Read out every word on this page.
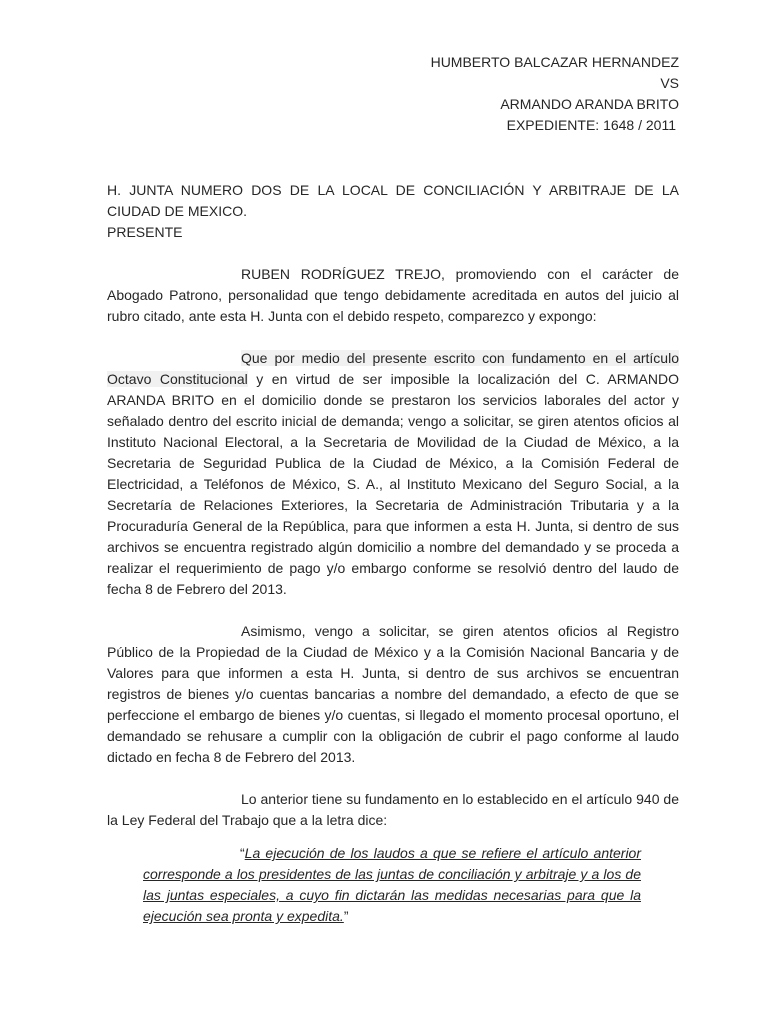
HUMBERTO BALCAZAR HERNANDEZ
VS
ARMANDO ARANDA BRITO
EXPEDIENTE: 1648 / 2011
H. JUNTA NUMERO DOS DE LA LOCAL DE CONCILIACIÓN Y ARBITRAJE DE LA CIUDAD DE MEXICO.
PRESENTE

RUBEN RODRÍGUEZ TREJO, promoviendo con el carácter de Abogado Patrono, personalidad que tengo debidamente acreditada en autos del juicio al rubro citado, ante esta H. Junta con el debido respeto, comparezco y expongo:

Que por medio del presente escrito con fundamento en el artículo Octavo Constitucional y en virtud de ser imposible la localización del C. ARMANDO ARANDA BRITO en el domicilio donde se prestaron los servicios laborales del actor y señalado dentro del escrito inicial de demanda; vengo a solicitar, se giren atentos oficios al Instituto Nacional Electoral, a la Secretaria de Movilidad de la Ciudad de México, a la Secretaria de Seguridad Publica de la Ciudad de México, a la Comisión Federal de Electricidad, a Teléfonos de México, S. A., al Instituto Mexicano del Seguro Social, a la Secretaría de Relaciones Exteriores, la Secretaria de Administración Tributaria y a la Procuraduría General de la República, para que informen a esta H. Junta, si dentro de sus archivos se encuentra registrado algún domicilio a nombre del demandado y se proceda a realizar el requerimiento de pago y/o embargo conforme se resolvió dentro del laudo de fecha 8 de Febrero del 2013.

Asimismo, vengo a solicitar, se giren atentos oficios al Registro Público de la Propiedad de la Ciudad de México y a la Comisión Nacional Bancaria y de Valores para que informen a esta H. Junta, si dentro de sus archivos se encuentran registros de bienes y/o cuentas bancarias a nombre del demandado, a efecto de que se perfeccione el embargo de bienes y/o cuentas, si llegado el momento procesal oportuno, el demandado se rehusare a cumplir con la obligación de cubrir el pago conforme al laudo dictado en fecha 8 de Febrero del 2013.

Lo anterior tiene su fundamento en lo establecido en el artículo 940 de la Ley Federal del Trabajo que a la letra dice:

“La ejecución de los laudos a que se refiere el artículo anterior corresponde a los presidentes de las juntas de conciliación y arbitraje y a los de las juntas especiales, a cuyo fin dictarán las medidas necesarias para que la ejecución sea pronta y expedita.”
